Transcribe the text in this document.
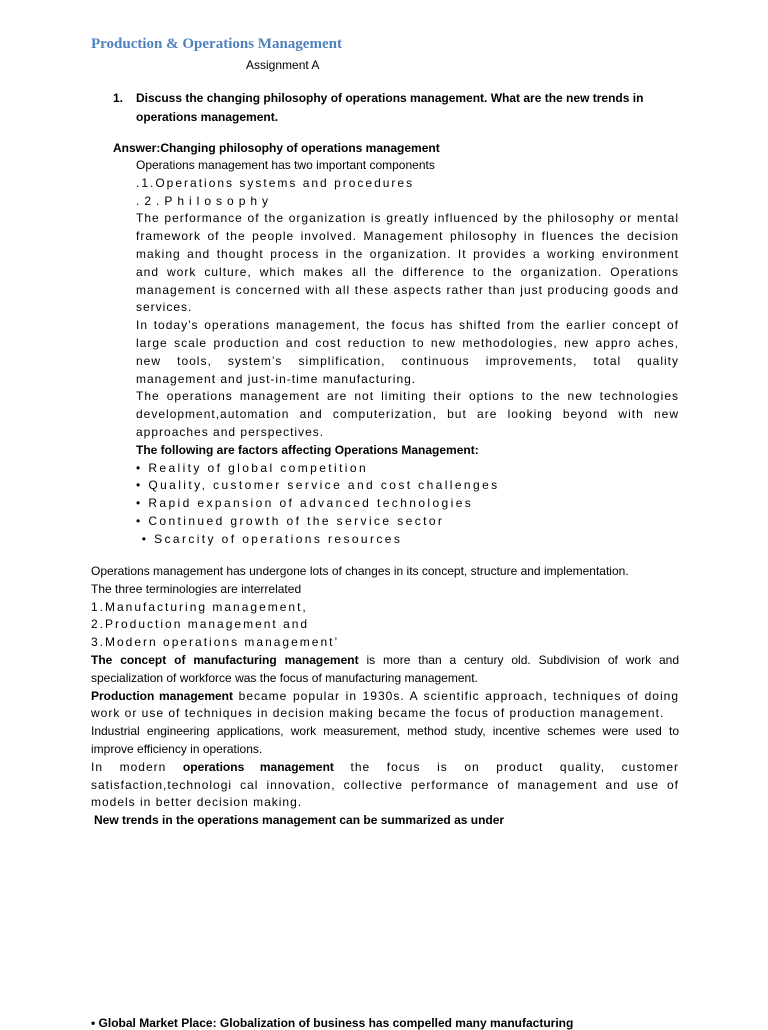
Production & Operations Management
Assignment A
1. Discuss the changing philosophy of operations management. What are the new trends in operations management.
Answer:Changing philosophy of operations management

Operations management has two important components

.1.Operations systems and procedures

.2.Philosophy

The performance of the organization is greatly influenced by the philosophy or mental framework of the people involved. Management philosophy in fluences the decision making and thought process in the organization. It provides a working environment and work culture, which makes all the difference to the organization. Operations management is concerned with all these aspects rather than just producing goods and services.

In today’s operations management, the focus has shifted from the earlier concept of large scale production and cost reduction to new methodologies, new appro aches, new tools, system’s simplification, continuous improvements, total quality management and just-in-time manufacturing.

The operations management are not limiting their options to the new technologies development,automation and computerization, but are looking beyond with new approaches and perspectives.

The following are factors affecting Operations Management:

• Reality of global competition
• Quality, customer service and cost challenges
• Rapid expansion of advanced technologies
• Continued growth of the service sector
• Scarcity of operations resources

Operations management has undergone lots of changes in its concept, structure and implementation.

The three terminologies are interrelated

1.Manufacturing management,

2.Production management and

3.Modern operations management’

The concept of manufacturing management is more than a century old. Subdivision of work and specialization of workforce was the focus of manufacturing management.

Production management became popular in 1930s. A scientific approach, techniques of doing work or use of techniques in decision making became the focus of production management.

Industrial engineering applications, work measurement, method study, incentive schemes were used to improve efficiency in operations.

In modern operations management the focus is on product quality, customer satisfaction,technologi cal innovation, collective performance of management and use of models in better decision making.

New trends in the operations management can be summarized as under

• Global Market Place: Globalization of business has compelled many manufacturing
